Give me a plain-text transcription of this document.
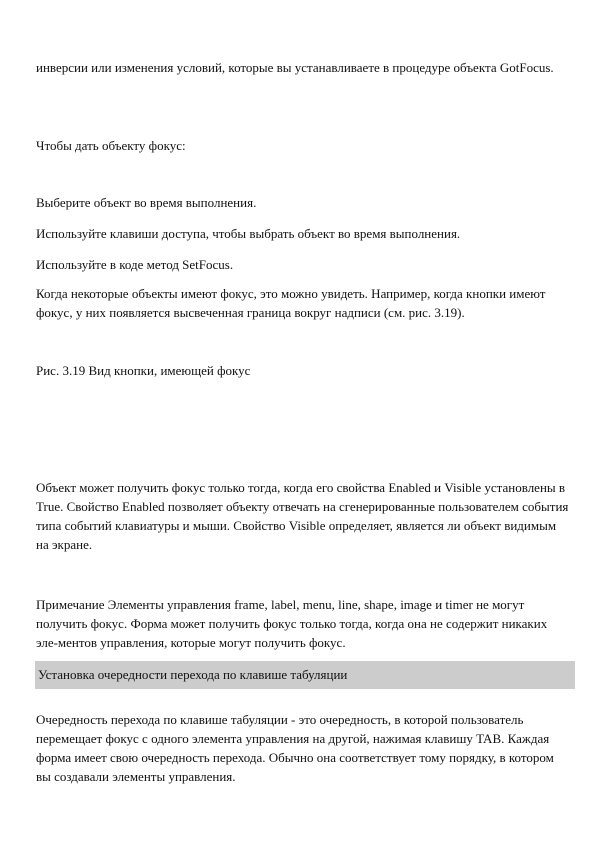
инверсии или изменения условий, которые вы устанавливаете в процедуре объекта GotFocus.

Чтобы дать объекту фокус:

Выберите объект во время выполнения.

Используйте клавиши доступа, чтобы выбрать объект во время выполнения.

Используйте в коде метод SetFocus.

Когда некоторые объекты имеют фокус, это можно увидеть. Например, когда кнопки имеют фокус, у них появляется высвеченная граница вокруг надписи (см. рис. 3.19).

Рис. 3.19 Вид кнопки, имеющей фокус

Объект может получить фокус только тогда, когда его свойства Enabled и Visible установлены в True. Свойство Enabled позволяет объекту отвечать на сгенерированные пользователем события типа событий клавиатуры и мыши. Свойство Visible определяет, является ли объект видимым на экране.

Примечание Элементы управления frame, label, menu, line, shape, image и timer не могут получить фокус. Форма может получить фокус только тогда, когда она не содержит никаких эле-ментов управления, которые могут получить фокус.

Установка очередности перехода по клавише табуляции

Очередность перехода по клавише табуляции - это очередность, в которой пользователь перемещает фокус с одного элемента управления на другой, нажимая клавишу TAB. Каждая форма имеет свою очередность перехода. Обычно она соответствует тому порядку, в котором вы создавали элементы управления.
